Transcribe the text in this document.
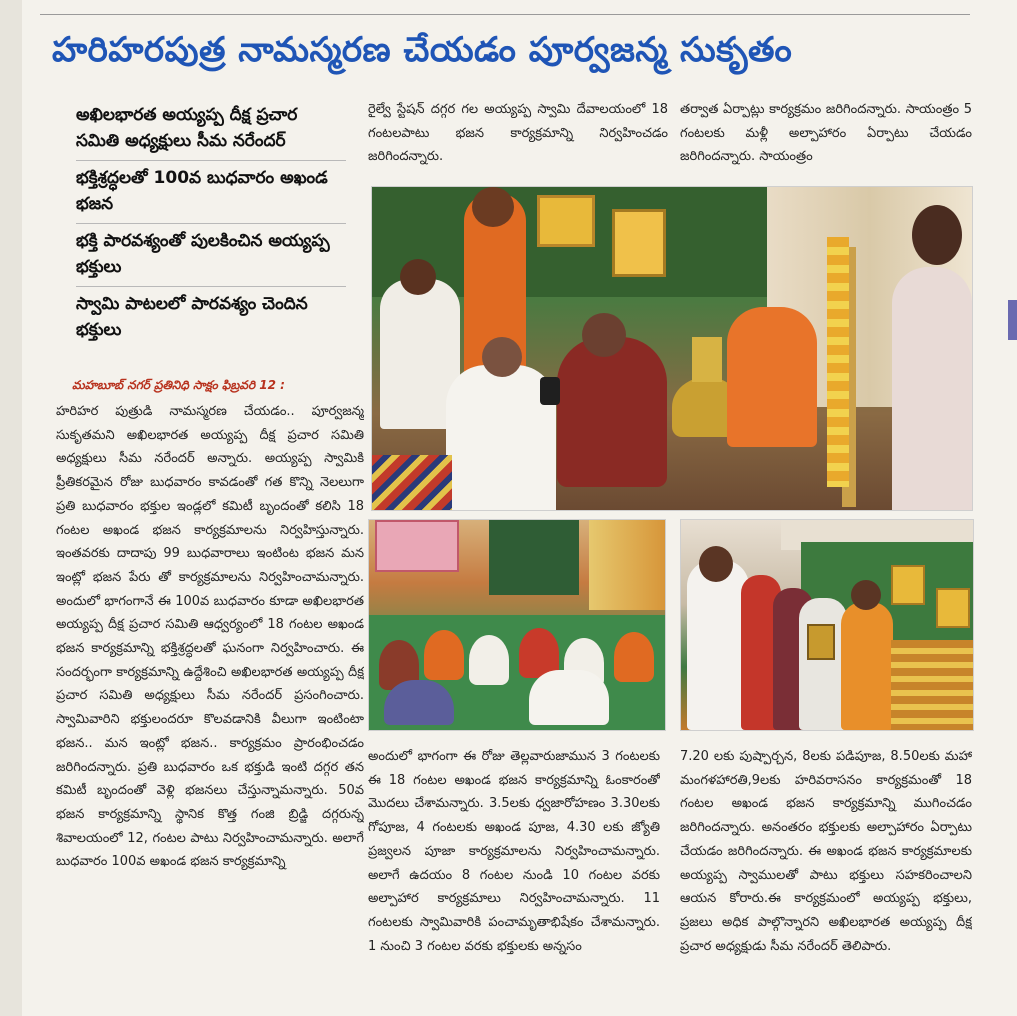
హరిహరపుత్ర నామస్మరణ చేయడం పూర్వజన్మ సుకృతం
అఖిలభారత అయ్యప్ప దీక్ష ప్రచార సమితి అధ్యక్షులు సీమ నరేందర్
భక్తిశ్రద్ధలతో 100వ బుధవారం అఖండ భజన
భక్తి పారవశ్యంతో పులకించిన అయ్యప్ప భక్తులు
స్వామి పాటలలో పారవశ్యం చెందిన భక్తులు
మహబూబ్ నగర్ ప్రతినిధి సాక్షం ఫిబ్రవరి 12 :
హరిహర పుత్రుడి నామస్మరణ చేయడం.. పూర్వజన్మ సుకృతమని అఖిలభారత అయ్యప్ప దీక్ష ప్రచార సమితి అధ్యక్షులు సీమ నరేందర్ అన్నారు. అయ్యప్ప స్వామికి ప్రీతికరమైన రోజు బుధవారం కావడంతో గత కొన్ని నెలలుగా ప్రతి బుధవారం భక్తుల ఇండ్లలో కమిటీ బృందంతో కలిసి 18 గంటల అఖండ భజన కార్యక్రమాలను నిర్వహిస్తున్నారు. ఇంతవరకు దాదాపు 99 బుధవారాలు ఇంటింట భజన మన ఇంట్లో భజన పేరు తో కార్యక్రమాలను నిర్వహించామన్నారు. అందులో భాగంగానే ఈ 100వ బుధవారం కూడా అఖిలభారత అయ్యప్ప దీక్ష ప్రచార సమితి ఆధ్వర్యంలో 18 గంటల అఖండ భజన కార్యక్రమాన్ని భక్తిశ్రద్ధలతో ఘనంగా నిర్వహించారు. ఈ సందర్భంగా కార్యక్రమాన్ని ఉద్దేశించి అఖిలభారత అయ్యప్ప దీక్ష ప్రచార సమితి అధ్యక్షులు సీమ నరేందర్ ప్రసంగించారు. స్వామివారిని భక్తులందరూ కొలవడానికి వీలుగా ఇంటింటా భజన.. మన ఇంట్లో భజన.. కార్యక్రమం ప్రారంభించడం జరిగిందన్నారు. ప్రతి బుధవారం ఒక భక్తుడి ఇంటి దగ్గర తన కమిటీ బృందంతో వెళ్లి భజనలు చేస్తున్నామన్నారు. 50వ భజన కార్యక్రమాన్ని స్థానిక కొత్త గంజి బ్రిడ్జి దగ్గరున్న శివాలయంలో 12, గంటల పాటు నిర్వహించామన్నారు. అలాగే బుధవారం 100వ అఖండ భజన కార్యక్రమాన్ని
రైల్వే స్టేషన్ దగ్గర గల అయ్యప్ప స్వామి దేవాలయంలో 18 గంటలపాటు భజన కార్యక్రమాన్ని నిర్వహించడం జరిగిందన్నారు.
తర్వాత ఏర్పాట్లు కార్యక్రమం జరిగిందన్నారు. సాయంత్రం 5 గంటలకు మళ్లీ అల్పాహారం ఏర్పాటు చేయడం జరిగిందన్నారు. సాయంత్రం
అందులో భాగంగా ఈ రోజు తెల్లవారుజామున 3 గంటలకు ఈ 18 గంటల అఖండ భజన కార్యక్రమాన్ని ఓంకారంతో మొదలు చేశామన్నారు. 3.5లకు ధ్వజారోహణం 3.30లకు గోపూజ, 4 గంటలకు అఖండ పూజ, 4.30 లకు జ్యోతి ప్రజ్వలన పూజా కార్యక్రమాలను నిర్వహించామన్నారు. అలాగే ఉదయం 8 గంటల నుండి 10 గంటల వరకు అల్పాహార కార్యక్రమాలు నిర్వహించామన్నారు. 11 గంటలకు స్వామివారికి పంచామృతాభిషేకం చేశామన్నారు. 1 నుంచి 3 గంటల వరకు భక్తులకు అన్నసం
7.20 లకు పుష్పార్చన, 8లకు పడిపూజ, 8.50లకు మహా మంగళహారతి,9లకు హరివరాసనం కార్యక్రమంతో 18 గంటల అఖండ భజన కార్యక్రమాన్ని ముగించడం జరిగిందన్నారు. అనంతరం భక్తులకు అల్పాహారం ఏర్పాటు చేయడం జరిగిందన్నారు. ఈ అఖండ భజన కార్యక్రమాలకు అయ్యప్ప స్వాములతో పాటు భక్తులు సహకరించాలని ఆయన కోరారు.ఈ కార్యక్రమంలో అయ్యప్ప భక్తులు, ప్రజలు అధిక పాల్గొన్నారని అఖిలభారత అయ్యప్ప దీక్ష ప్రచార అధ్యక్షుడు సీమ నరేందర్ తెలిపారు.
